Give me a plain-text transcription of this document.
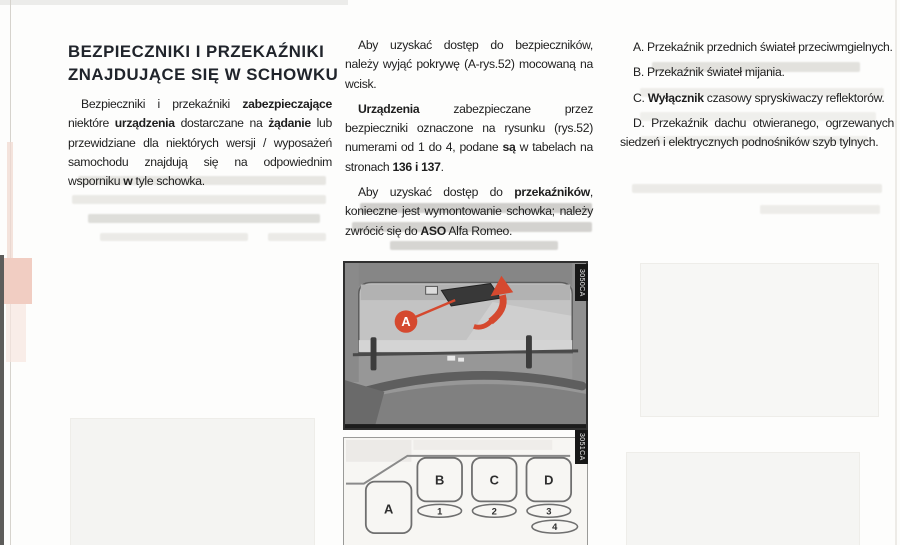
BEZPIECZNIKI I PRZEKAŹNIKI
ZNAJDUJĄCE SIĘ W SCHOWKU

Bezpieczniki i przekaźniki zabezpieczające niektóre urządzenia dostarczane na żądanie lub przewidziane dla niektórych wersji / wyposażeń samochodu znajdują się na odpowiednim wsporniku w tyle schowka.

Aby uzyskać dostęp do bezpieczników, należy wyjąć pokrywę (A-rys.52) mocowaną na wcisk.

Urządzenia zabezpieczane przez bezpieczniki oznaczone na rysunku (rys.52) numerami od 1 do 4, podane są w tabelach na stronach 136 i 137.

Aby uzyskać dostęp do przekaźników, konieczne jest wymontowanie schowka; należy zwrócić się do ASO Alfa Romeo.

A. Przekaźnik przednich świateł przeciwmgielnych.

B. Przekaźnik świateł mijania.

C. Wyłącznik czasowy spryskiwaczy reflektorów.

D. Przekaźnik dachu otwieranego, ogrzewanych siedzeń i elektrycznych podnośników szyb tylnych.

A
A
B	C	D
1	2	3
4
3050CA
3051CA
